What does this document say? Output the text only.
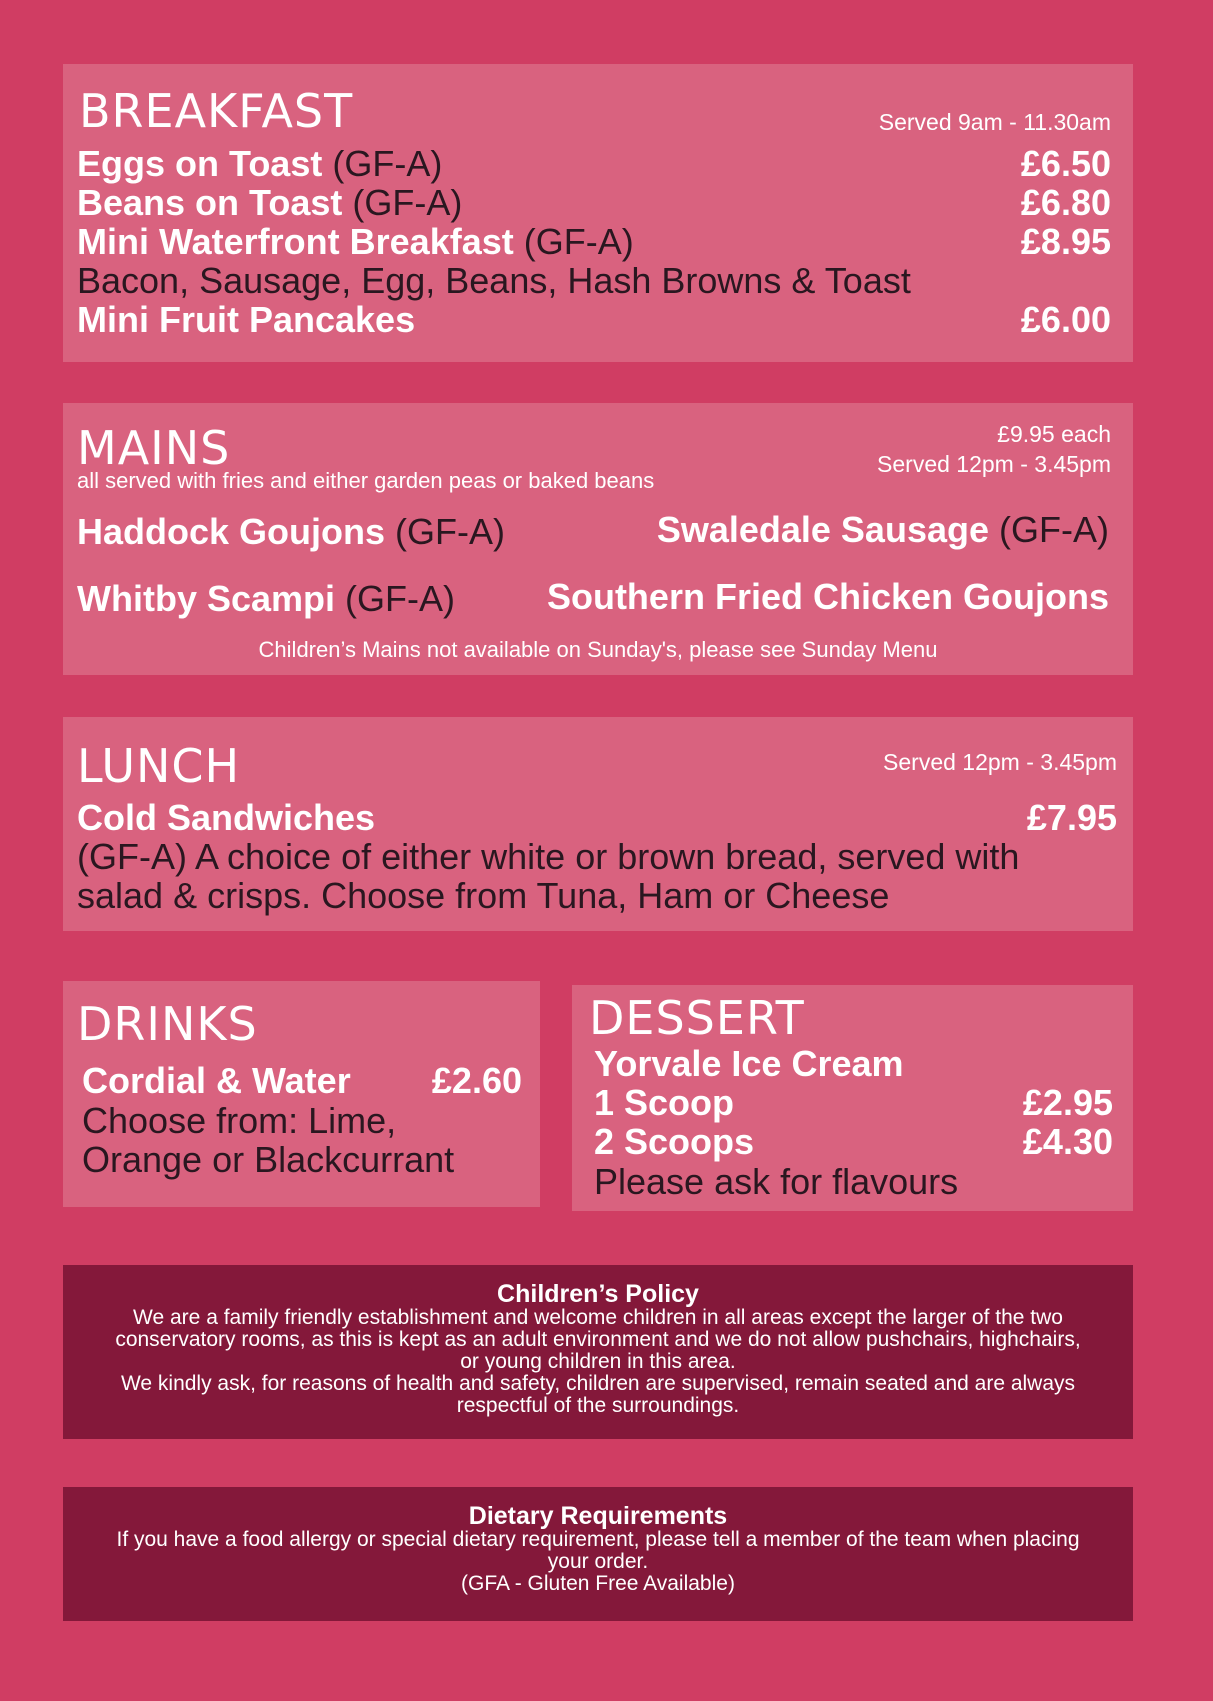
BREAKFAST	Served 9am - 11.30am
Eggs on Toast (GF-A)	£6.50
Beans on Toast (GF-A)	£6.80
Mini Waterfront Breakfast (GF-A)	£8.95
Bacon, Sausage, Egg, Beans, Hash Browns & Toast
Mini Fruit Pancakes	£6.00
MAINS
all served with fries and either garden peas or baked beans
£9.95 each
Served 12pm - 3.45pm
Haddock Goujons (GF-A)	Swaledale Sausage (GF-A)
Whitby Scampi (GF-A)	Southern Fried Chicken Goujons
Children’s Mains not available on Sunday's, please see Sunday Menu
LUNCH	Served 12pm - 3.45pm
Cold Sandwiches	£7.95
(GF-A) A choice of either white or brown bread, served with
salad & crisps. Choose from Tuna, Ham or Cheese
DRINKS
Cordial & Water £2.60
Choose from: Lime,
Orange or Blackcurrant
DESSERT
Yorvale Ice Cream
1 Scoop	£2.95
2 Scoops	£4.30
Please ask for flavours
Children’s Policy
We are a family friendly establishment and welcome children in all areas except the larger of the two
conservatory rooms, as this is kept as an adult environment and we do not allow pushchairs, highchairs,
or young children in this area.
We kindly ask, for reasons of health and safety, children are supervised, remain seated and are always
respectful of the surroundings.
Dietary Requirements
If you have a food allergy or special dietary requirement, please tell a member of the team when placing
your order.
(GFA - Gluten Free Available)
